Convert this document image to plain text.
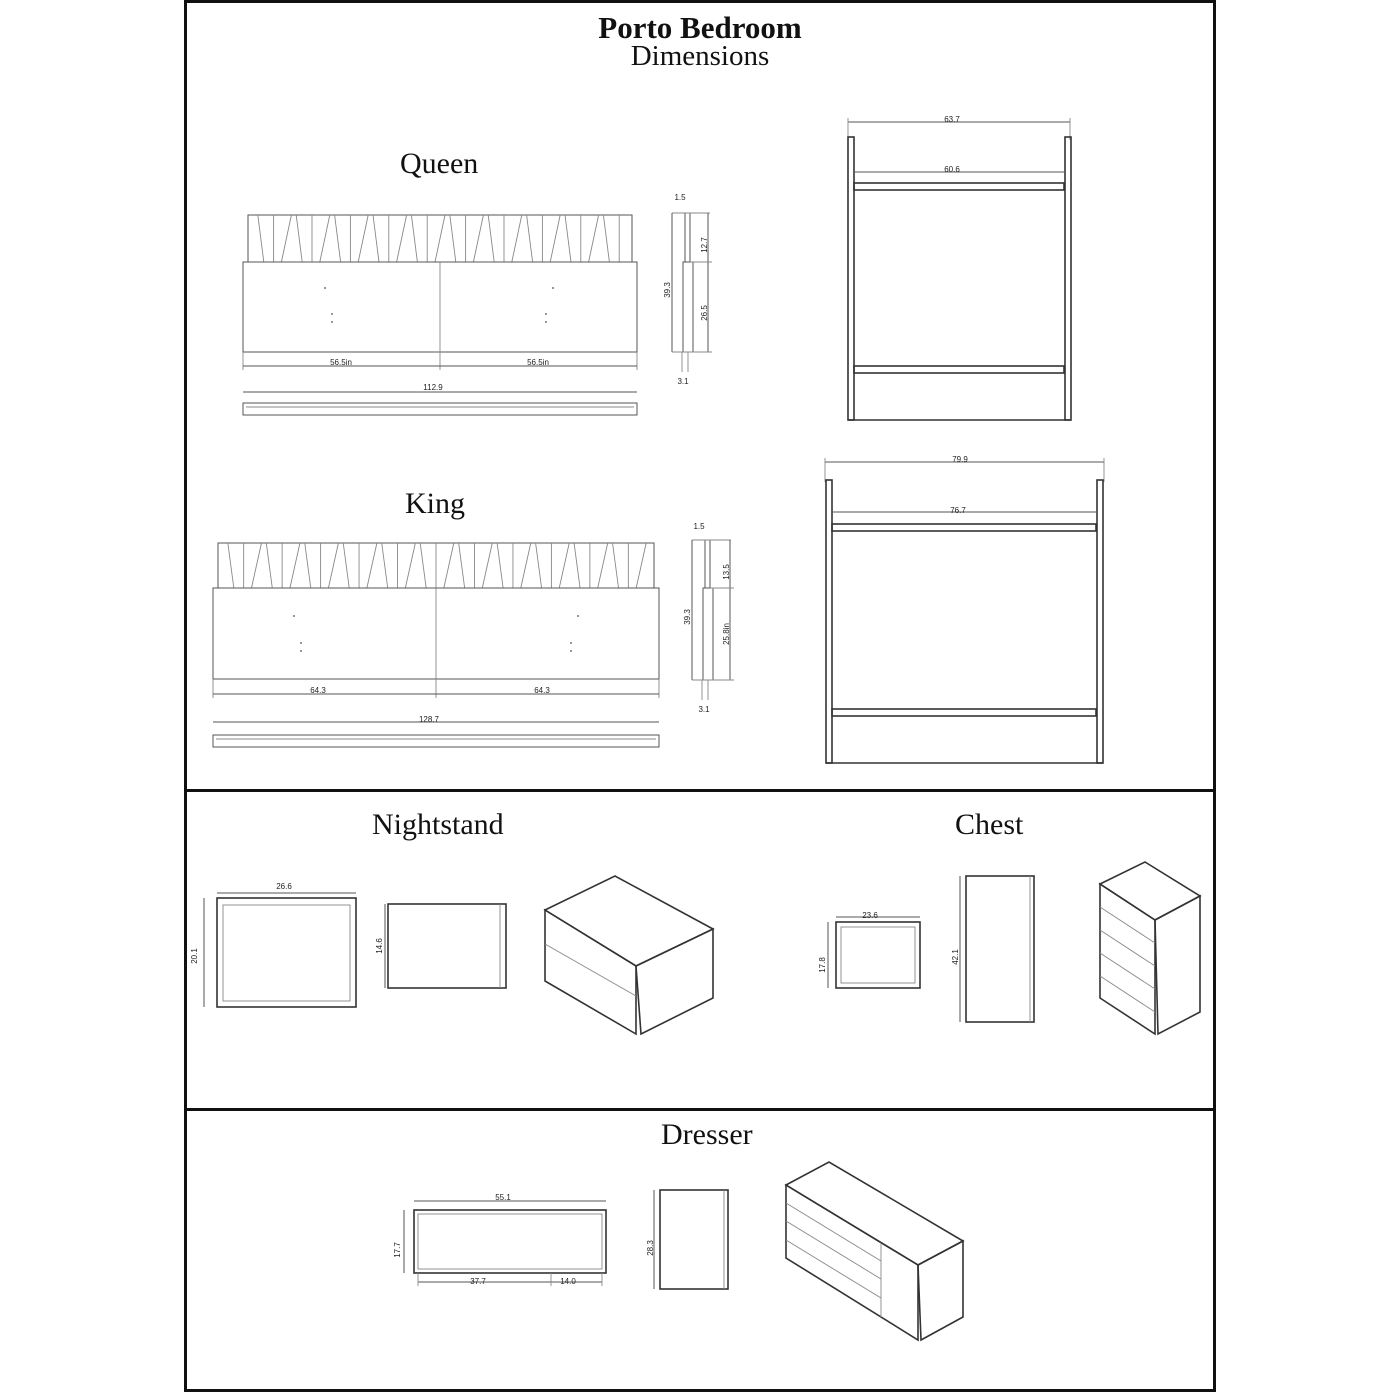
Porto Bedroom
Dimensions
Queen
King
Nightstand	Chest
Dresser
56.5in	56.5in
112.9
1.5
12.7
39.3
26.5
3.1
63.7
60.6
64.3	64.3
128.7
1.5
13.5
39.3
25.8in
3.1
79.9
76.7
26.6
20.1
14.6
23.6
17.8
42.1
55.1
17.7
37.7	14.0
28.3
